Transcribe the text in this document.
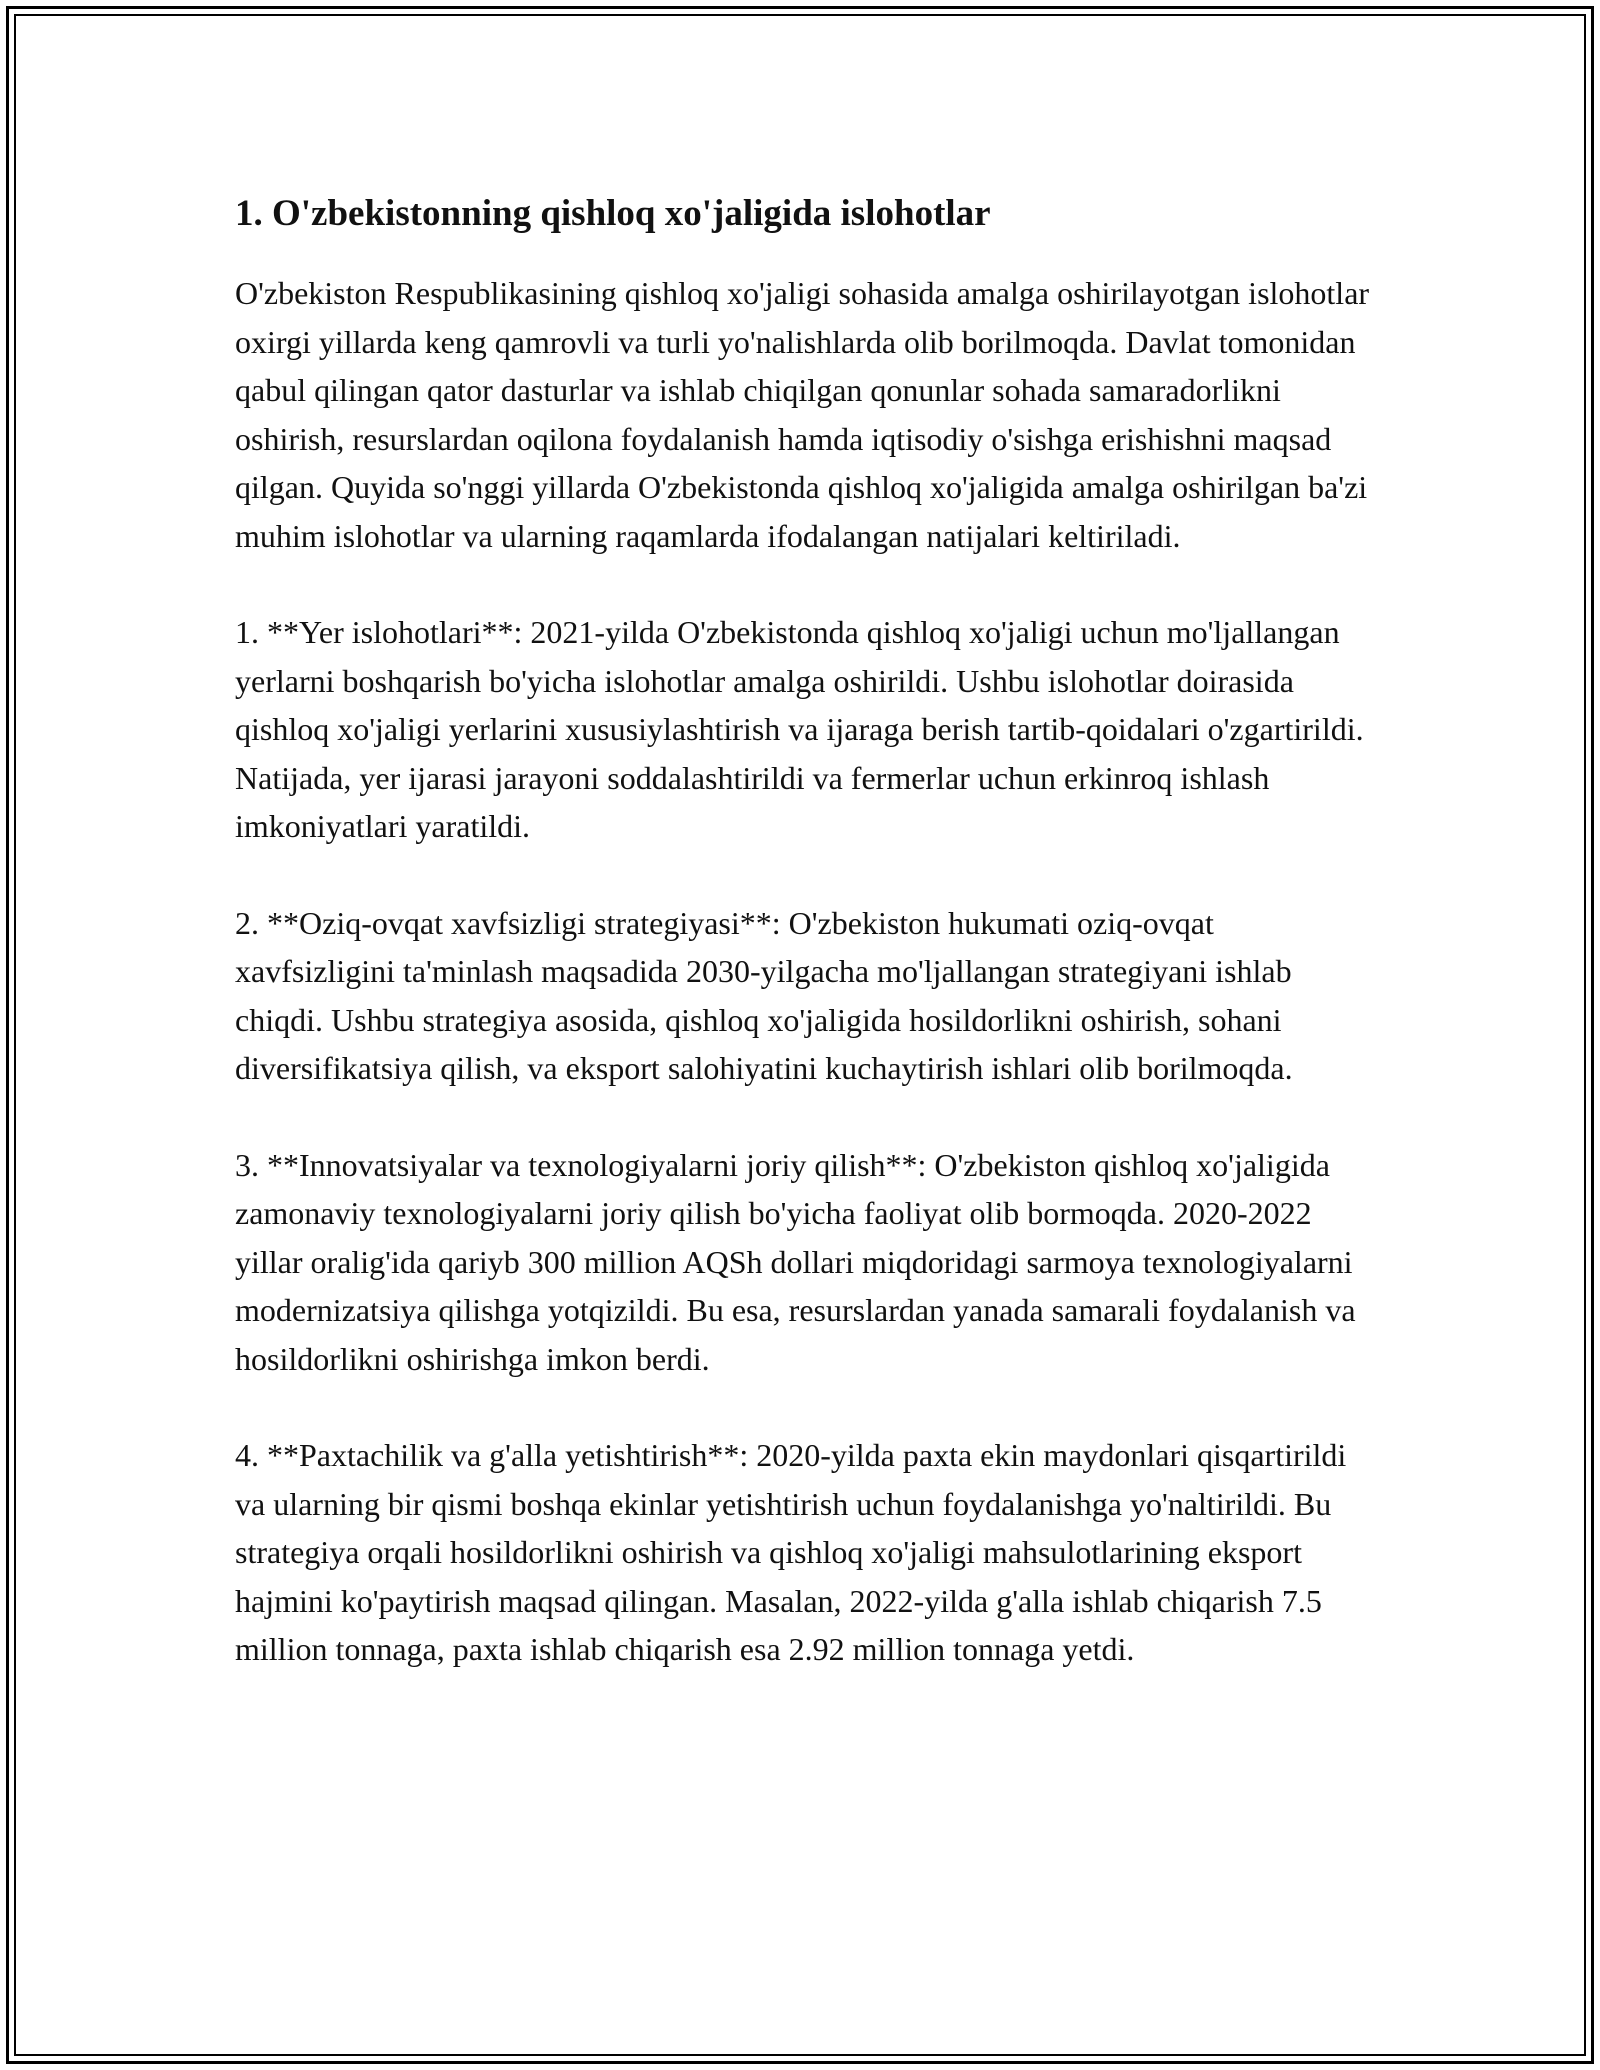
1. O'zbekistonning qishloq xo'jaligida islohotlar

O'zbekiston Respublikasining qishloq xo'jaligi sohasida amalga oshirilayotgan islohotlar oxirgi yillarda keng qamrovli va turli yo'nalishlarda olib borilmoqda. Davlat tomonidan qabul qilingan qator dasturlar va ishlab chiqilgan qonunlar sohada samaradorlikni oshirish, resurslardan oqilona foydalanish hamda iqtisodiy o'sishga erishishni maqsad qilgan. Quyida so'nggi yillarda O'zbekistonda qishloq xo'jaligida amalga oshirilgan ba'zi muhim islohotlar va ularning raqamlarda ifodalangan natijalari keltiriladi.

1. **Yer islohotlari**: 2021-yilda O'zbekistonda qishloq xo'jaligi uchun mo'ljallangan yerlarni boshqarish bo'yicha islohotlar amalga oshirildi. Ushbu islohotlar doirasida qishloq xo'jaligi yerlarini xususiylashtirish va ijaraga berish tartib-qoidalari o'zgartirildi. Natijada, yer ijarasi jarayoni soddalashtirildi va fermerlar uchun erkinroq ishlash imkoniyatlari yaratildi.

2. **Oziq-ovqat xavfsizligi strategiyasi**: O'zbekiston hukumati oziq-ovqat xavfsizligini ta'minlash maqsadida 2030-yilgacha mo'ljallangan strategiyani ishlab chiqdi. Ushbu strategiya asosida, qishloq xo'jaligida hosildorlikni oshirish, sohani diversifikatsiya qilish, va eksport salohiyatini kuchaytirish ishlari olib borilmoqda.

3. **Innovatsiyalar va texnologiyalarni joriy qilish**: O'zbekiston qishloq xo'jaligida zamonaviy texnologiyalarni joriy qilish bo'yicha faoliyat olib bormoqda. 2020-2022 yillar oralig'ida qariyb 300 million AQSh dollari miqdoridagi sarmoya texnologiyalarni modernizatsiya qilishga yotqizildi. Bu esa, resurslardan yanada samarali foydalanish va hosildorlikni oshirishga imkon berdi.

4. **Paxtachilik va g'alla yetishtirish**: 2020-yilda paxta ekin maydonlari qisqartirildi va ularning bir qismi boshqa ekinlar yetishtirish uchun foydalanishga yo'naltirildi. Bu strategiya orqali hosildorlikni oshirish va qishloq xo'jaligi mahsulotlarining eksport hajmini ko'paytirish maqsad qilingan. Masalan, 2022-yilda g'alla ishlab chiqarish 7.5 million tonnaga, paxta ishlab chiqarish esa 2.92 million tonnaga yetdi.
